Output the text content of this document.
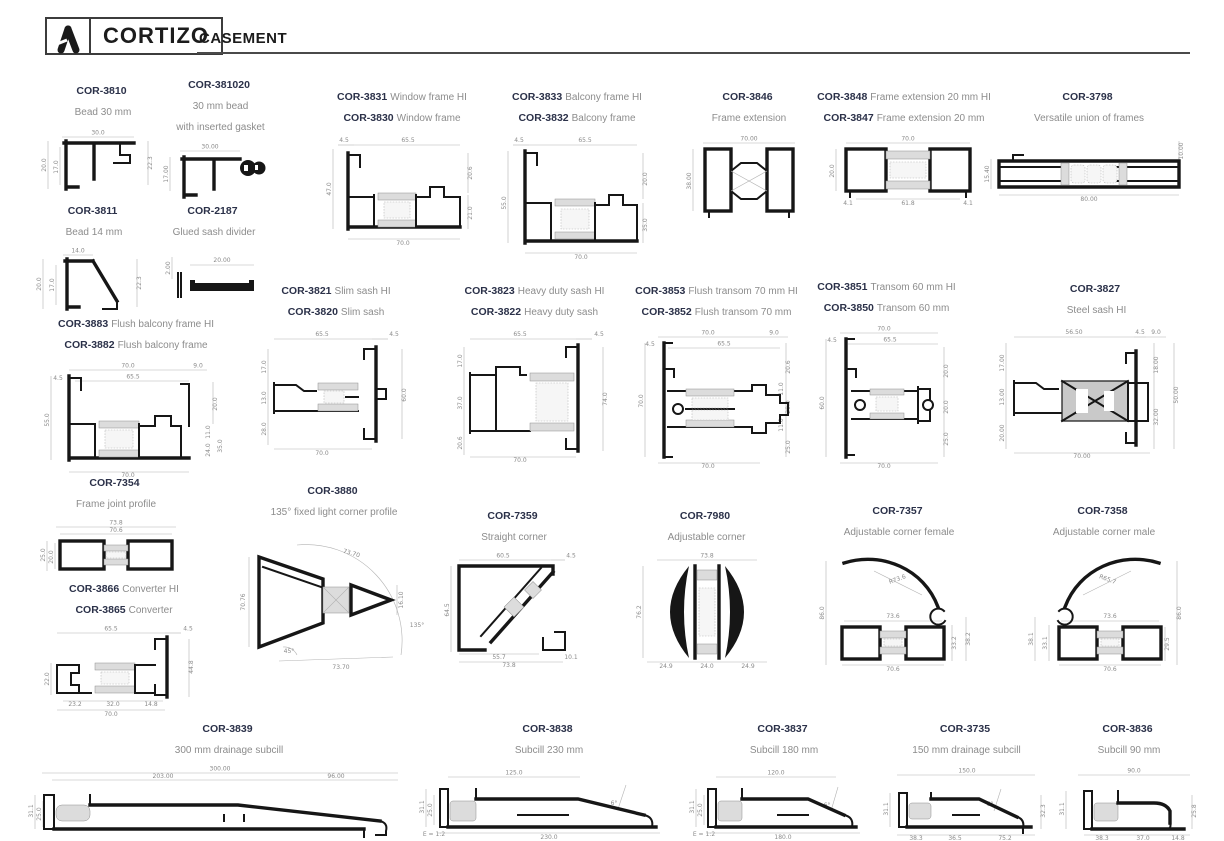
CORTIZO
CASEMENT
COR-3810
Bead 30 mm
30.0
20.0 17.0	22.3
COR-381020
30 mm bead
with inserted gasket
30.00
17.00
COR-3831 Window frame HI
COR-3830 Window frame
4.5	65.5
47.0
20.6
21.0
70.0
COR-3833 Balcony frame HI
COR-3832 Balcony frame
4.5	65.5
55.0
20.0
35.0
70.0
COR-3846
Frame extension
70.00
38.00
COR-3848 Frame extension 20 mm HI
COR-3847 Frame extension 20 mm
70.0
20.0
4.1	61.8	4.1
COR-3798
Versatile union of frames
10.00
15.40
80.00
COR-3811
Bead 14 mm
14.0
20.0 17.0	22.3
COR-2187
Glued sash divider
2.00
20.00
COR-3883 Flush balcony frame HI
COR-3882 Flush balcony frame
70.0	9.0
4.5	65.5
55.0
20.0
11.0
24.0 35.0
70.0
COR-3821 Slim sash HI
COR-3820 Slim sash
65.5	4.5
17.0
13.0
28.0
60.0
70.0
COR-3823 Heavy duty sash HI
COR-3822 Heavy duty sash
65.5	4.5
17.0
37.0
20.6
74.0
70.0
COR-3853 Flush transom 70 mm HI
COR-3852 Flush transom 70 mm
70.0	9.0
4.5	65.5
70.0
20.6
11.0
20.0
11.0
25.0
70.0
COR-3851 Transom 60 mm HI
COR-3850 Transom 60 mm
70.0
4.5	65.5
60.0
20.0
20.0
25.0
70.0
COR-3827
Steel sash HI
56.50	4.5 9.0
17.00
13.00
20.00
18.00
32.00
50.00
70.00
COR-7354
Frame joint profile
73.8
70.6
25.0 20.0
COR-3880
135° fixed light corner profile
73.70
70.76	16.10
135°
45°
73.70
COR-7359
Straight corner
60.5	4.5
64.5
55.7
73.8
10.1
COR-7980
Adjustable corner
73.8
76.2
24.9	24.0	24.9
COR-7357
Adjustable corner female
86.0
R73.6
73.6
33.2 38.2
70.6
COR-7358
Adjustable corner male
86.0
R65.7
73.6
38.1 33.1	29.5
70.6
COR-3866 Converter HI
COR-3865 Converter
65.5	4.5
22.0
44.8
23.2	32.0	14.8
70.0
COR-3839
300 mm drainage subcill
300.00
203.00	96.00
31.1 25.0
COR-3838
Subcill 230 mm
125.0
31.1 25.0
E = 1:2
6°
230.0
COR-3837
Subcill 180 mm
120.0
31.1 25.0
E = 1:2
6°
180.0
COR-3735
150 mm drainage subcill
150.0
31.1	32.3
6°
38.3	36.5	75.2
COR-3836
Subcill 90 mm
90.0
31.1	25.8
38.3	37.0	14.8
